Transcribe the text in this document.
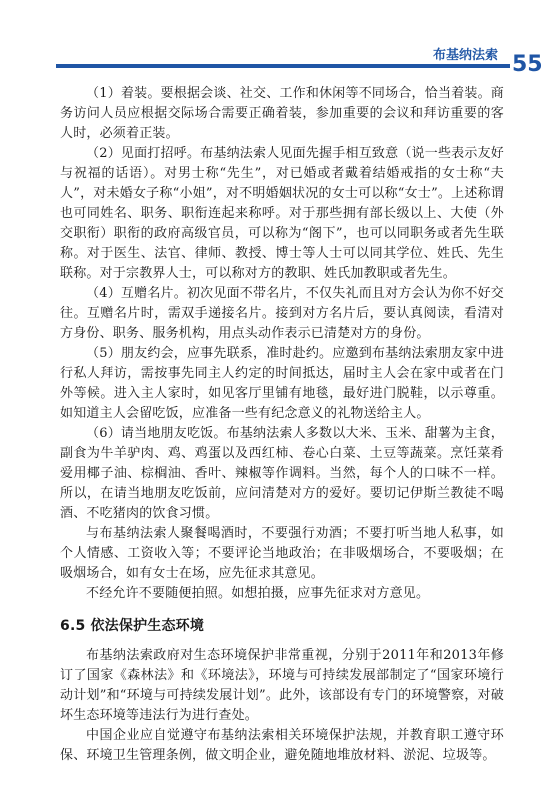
布基纳法索 55

（1）着装。要根据会谈、社交、工作和休闲等不同场合，恰当着装。商务访问人员应根据交际场合需要正确着装，参加重要的会议和拜访重要的客人时，必须着正装。

（2）见面打招呼。布基纳法索人见面先握手相互致意（说一些表示友好与祝福的话语）。对男士称“先生”，对已婚或者戴着结婚戒指的女士称“夫人”，对未婚女子称“小姐”，对不明婚姻状况的女士可以称“女士”。上述称谓也可同姓名、职务、职衔连起来称呼。对于那些拥有部长级以上、大使（外交职衔）职衔的政府高级官员，可以称为“阁下”，也可以同职务或者先生联称。对于医生、法官、律师、教授、博士等人士可以同其学位、姓氏、先生联称。对于宗教界人士，可以称对方的教职、姓氏加教职或者先生。

（4）互赠名片。初次见面不带名片，不仅失礼而且对方会认为你不好交往。互赠名片时，需双手递接名片。接到对方名片后，要认真阅读，看清对方身份、职务、服务机构，用点头动作表示已清楚对方的身份。

（5）朋友约会，应事先联系，准时赴约。应邀到布基纳法索朋友家中进行私人拜访，需按事先同主人约定的时间抵达，届时主人会在家中或者在门外等候。进入主人家时，如见客厅里铺有地毯，最好进门脱鞋，以示尊重。如知道主人会留吃饭，应准备一些有纪念意义的礼物送给主人。

（6）请当地朋友吃饭。布基纳法索人多数以大米、玉米、甜薯为主食，副食为牛羊驴肉、鸡、鸡蛋以及西红柿、卷心白菜、土豆等蔬菜。烹饪菜肴爱用椰子油、棕榈油、香叶、辣椒等作调料。当然，每个人的口味不一样。所以，在请当地朋友吃饭前，应问清楚对方的爱好。要切记伊斯兰教徒不喝酒、不吃猪肉的饮食习惯。

与布基纳法索人聚餐喝酒时，不要强行劝酒；不要打听当地人私事，如个人情感、工资收入等；不要评论当地政治；在非吸烟场合，不要吸烟；在吸烟场合，如有女士在场，应先征求其意见。

不经允许不要随便拍照。如想拍摄，应事先征求对方意见。

6.5 依法保护生态环境

布基纳法索政府对生态环境保护非常重视，分别于2011年和2013年修订了国家《森林法》和《环境法》，环境与可持续发展部制定了“国家环境行动计划”和“环境与可持续发展计划”。此外，该部设有专门的环境警察，对破坏生态环境等违法行为进行查处。

中国企业应自觉遵守布基纳法索相关环境保护法规，并教育职工遵守环保、环境卫生管理条例，做文明企业，避免随地堆放材料、淤泥、垃圾等。
